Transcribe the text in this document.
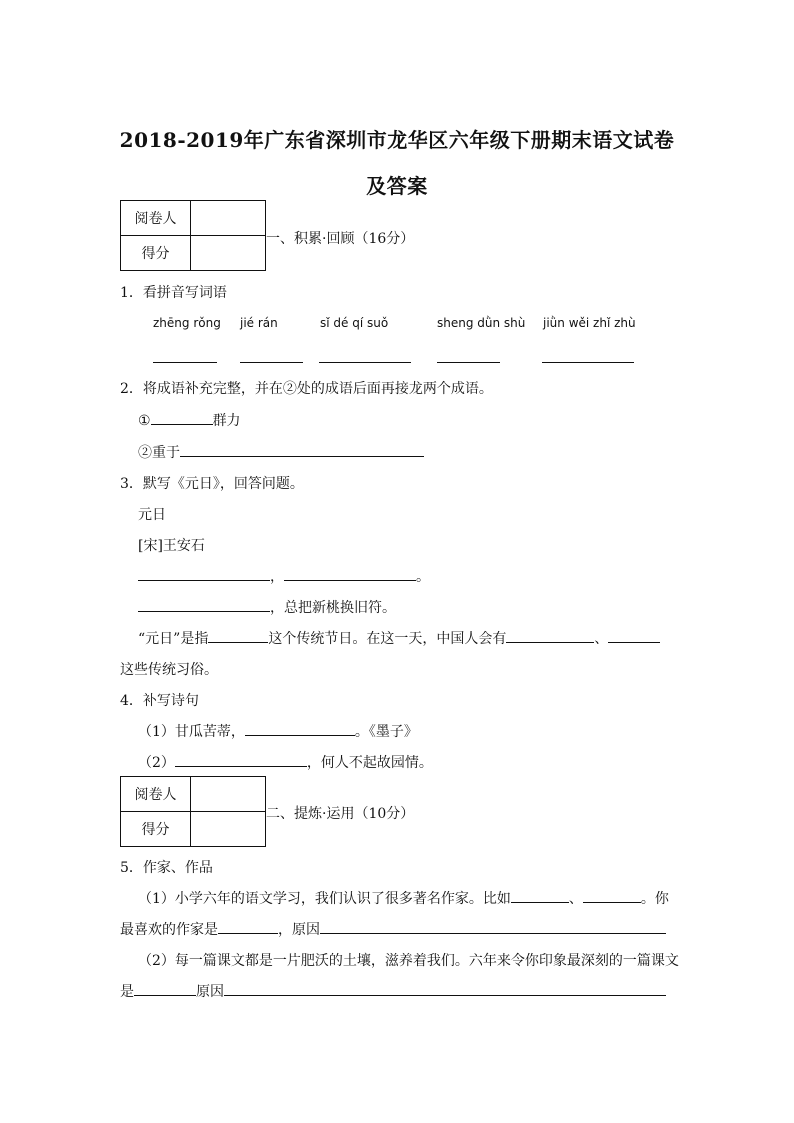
2018-2019年广东省深圳市龙华区六年级下册期末语文试卷
及答案
阅卷人	
得分	
一、积累·回顾（16分）
1．看拼音写词语
zhēng rǒng jié rán	sǐ dé qí suǒ	sheng dǜn shù jiǜn wěi zhǐ zhù
2．将成语补充完整，并在②处的成语后面再接龙两个成语。
①	群力
②重于
3．默写《元日》，回答问题。
元日
[宋]王安石
，	。
，总把新桃换旧符。
“元日”是指	这个传统节日。在这一天，中国人会有	、
这些传统习俗。
4．补写诗句
（1）甘瓜苦蒂，	。《墨子》
（2）	，何人不起故园情。
阅卷人	
得分	
二、提炼·运用（10分）
5．作家、作品
（1）小学六年的语文学习，我们认识了很多著名作家。比如	、	。你
最喜欢的作家是	，原因
（2）每一篇课文都是一片肥沃的土壤，滋养着我们。六年来令你印象最深刻的一篇课文
是	原因
